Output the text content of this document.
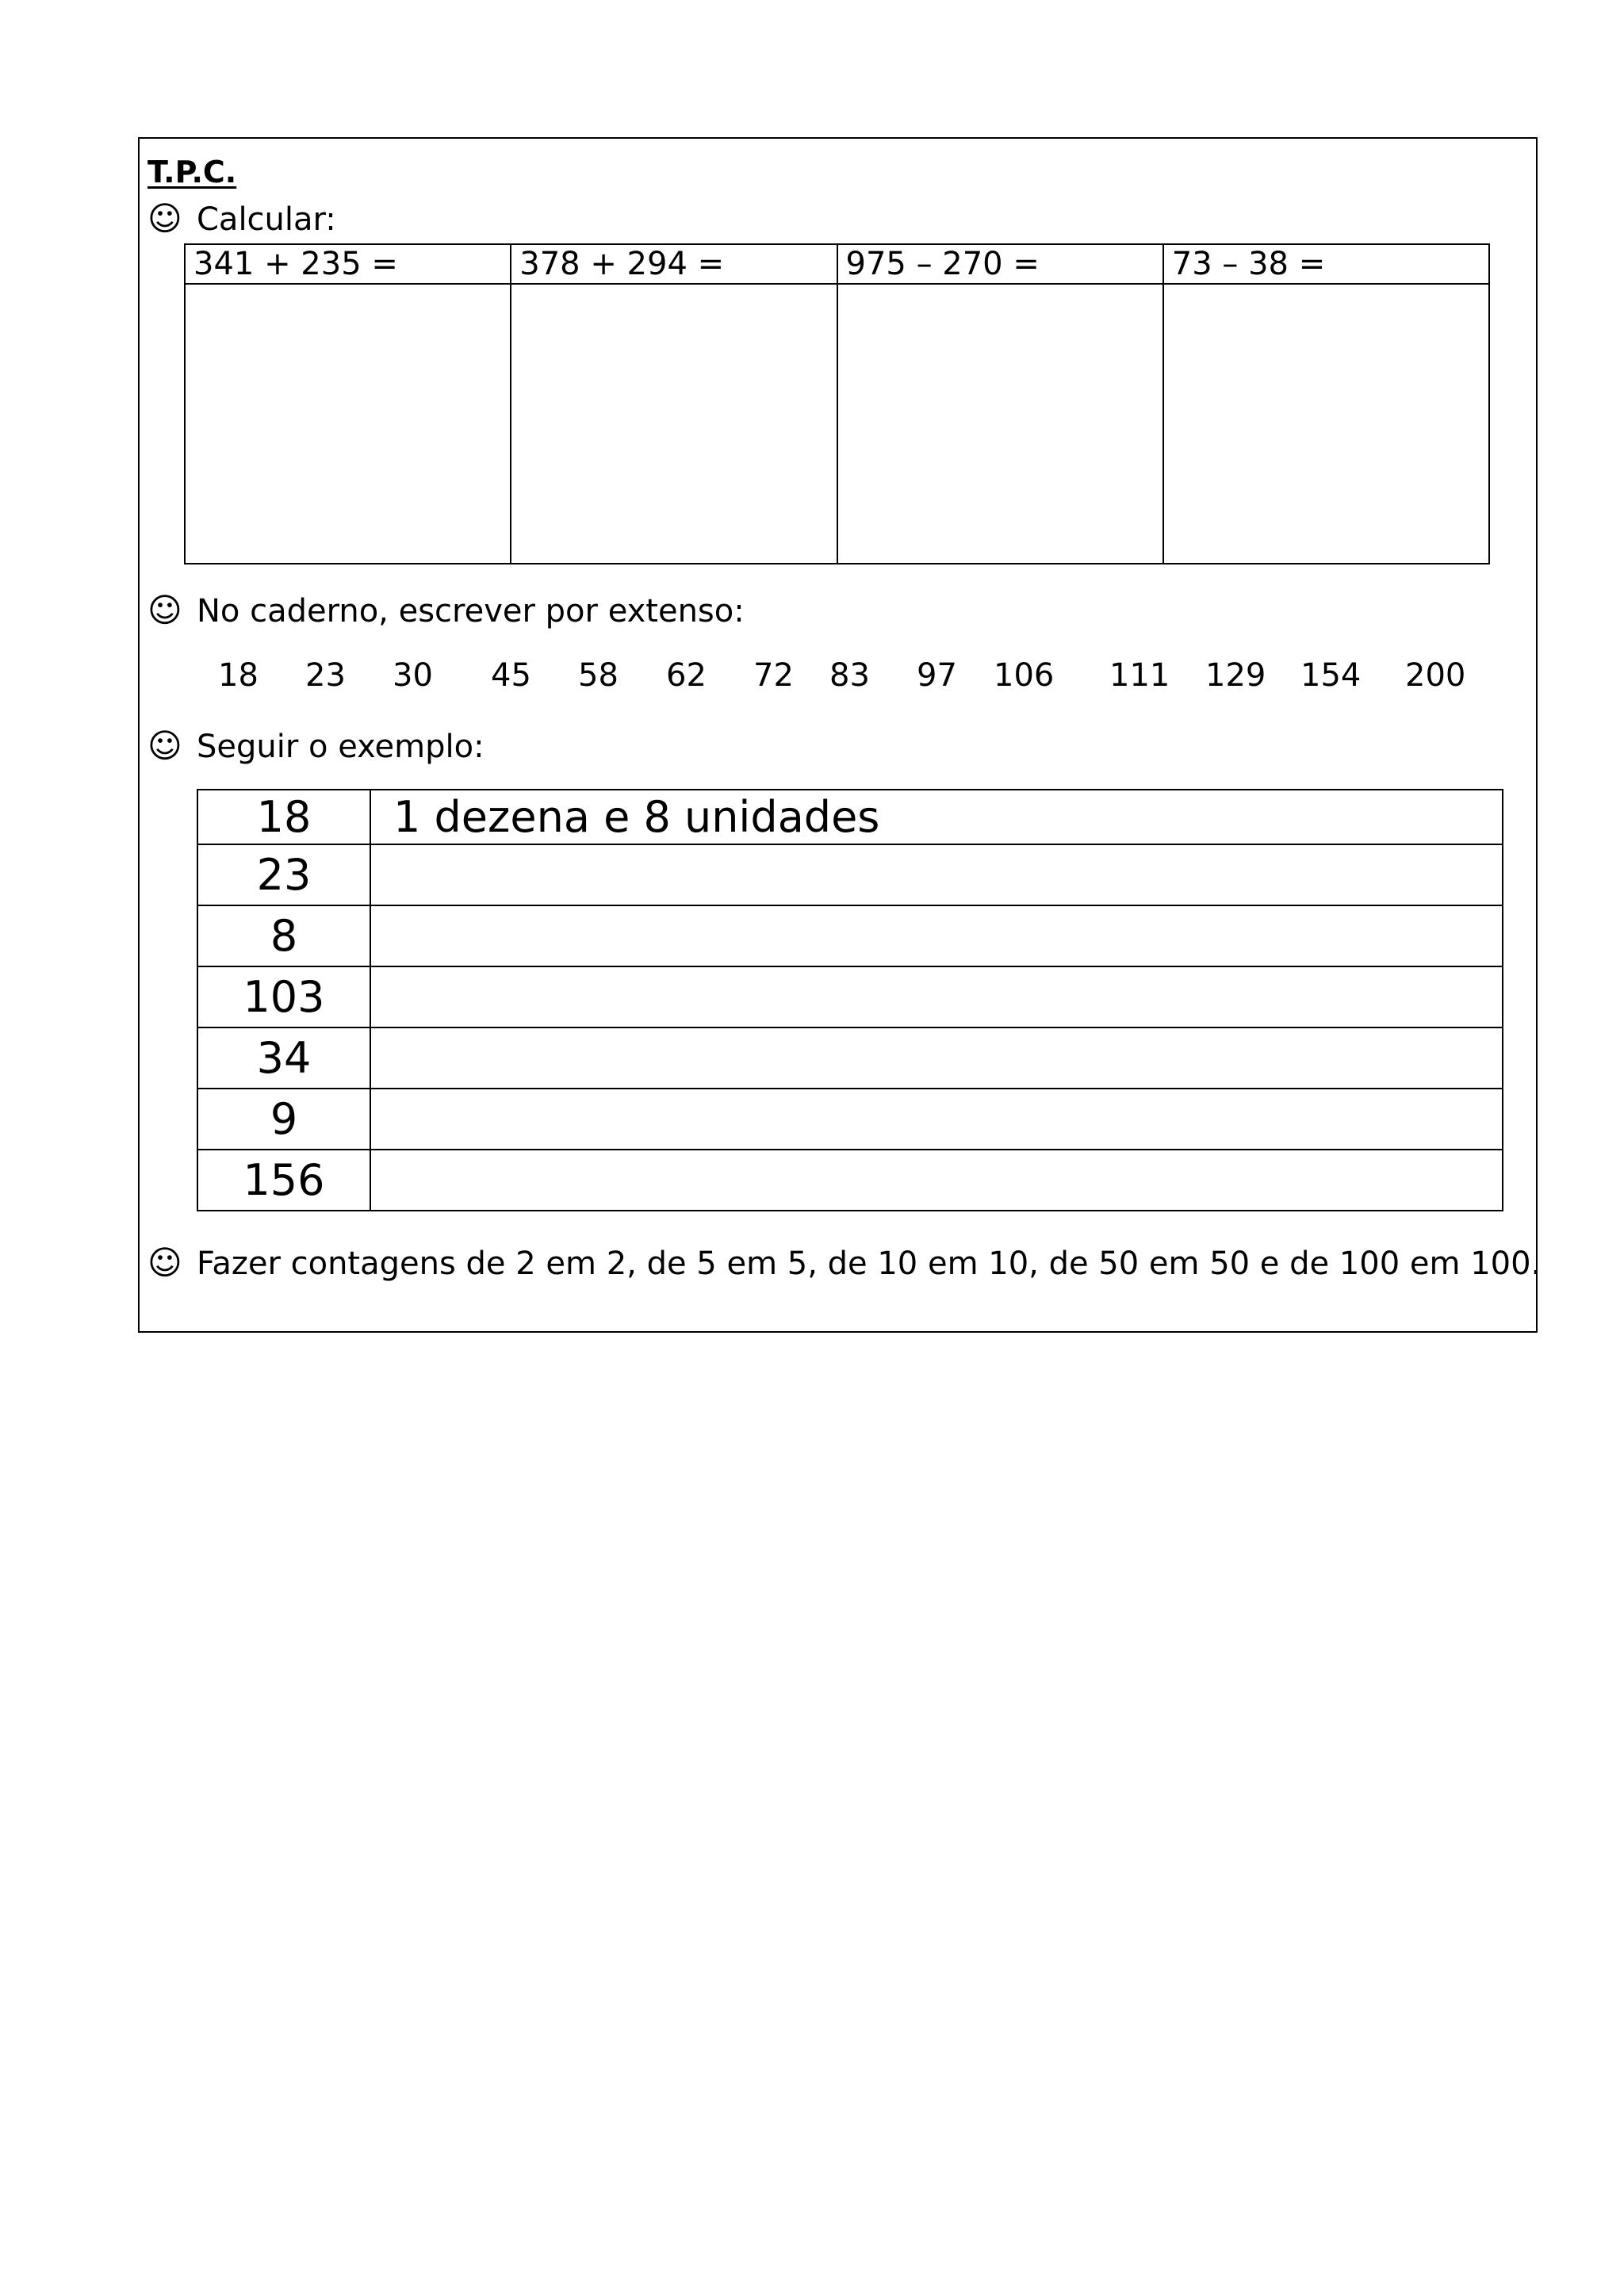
T.P.C.
☺ Calcular:
341 + 235 =	378 + 294 =	975 – 270 =	73 – 38 =

☺ No caderno, escrever por extenso:
18 23 30 45 58 62 72 83 97 106 111 129 154 200
☺ Seguir o exemplo:
18	1 dezena e 8 unidades
23	
8	
103	
34	
9	
156	
☺ Fazer contagens de 2 em 2, de 5 em 5, de 10 em 10, de 50 em 50 e de 100 em 100.
